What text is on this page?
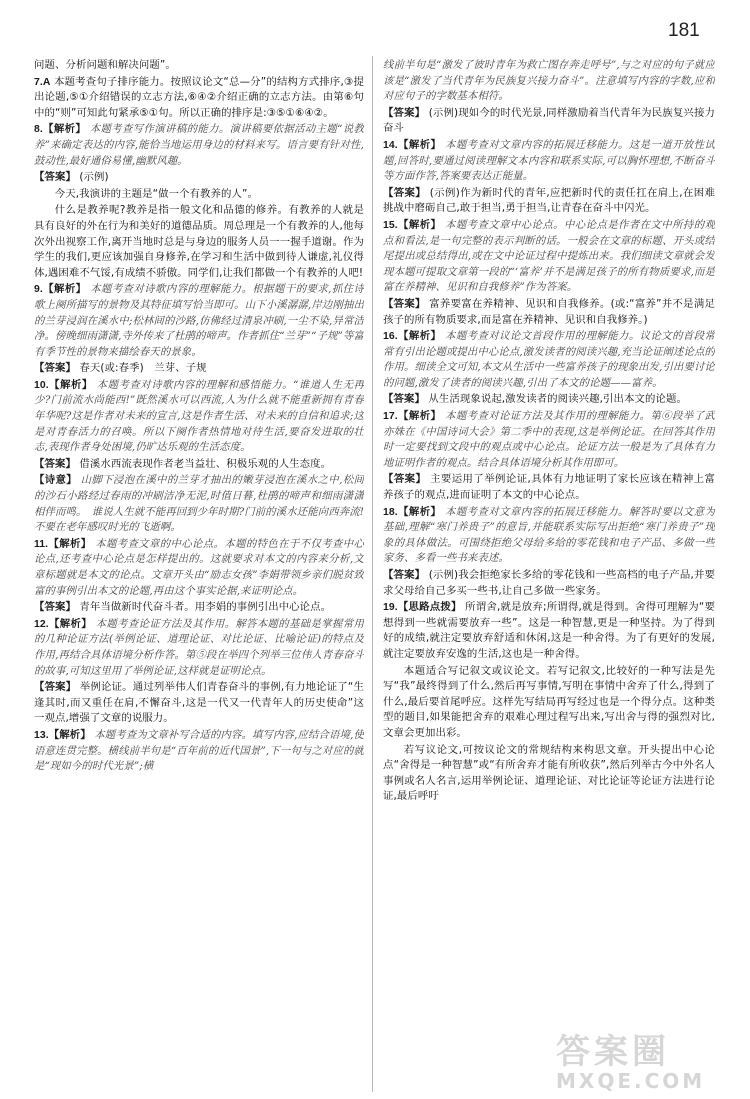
181

问题、分析问题和解决问题”。

7.A 本题考查句子排序能力。按照议论文“总—分”的结构方式排序,③提出论题,⑤①介绍错误的立志方法,⑥④②介绍正确的立志方法。由第⑥句中的“则”可知此句紧承⑤①句。所以正确的排序是:③⑤①⑥④②。

8.【解析】 本题考查写作演讲稿的能力。演讲稿要依据活动主题“说教养”来确定表达的内容,能恰当地运用身边的材料来写。语言要有针对性,鼓动性,最好通俗易懂,幽默风趣。

【答案】 (示例)

今天,我演讲的主题是“做一个有教养的人”。

什么是教养呢?教养是指一般文化和品德的修养。有教养的人就是具有良好的外在行为和美好的道德品质。周总理是一个有教养的人,他每次外出视察工作,离开当地时总是与身边的服务人员一一握手道谢。作为学生的我们,更应该加强自身修养,在学习和生活中做到待人谦虚,礼仪得体,遇困难不气馁,有成绩不骄傲。同学们,让我们都做一个有教养的人吧!

9.【解析】 本题考查对诗歌内容的理解能力。根据题干的要求,抓住诗歌上阕所描写的景物及其特征填写恰当即可。山下小溪潺潺,岸边刚抽出的兰芽浸润在溪水中;松林间的沙路,仿佛经过清泉冲刷,一尘不染,异常洁净。傍晚细雨潇潇,寺外传来了杜鹃的啼声。作者抓住“兰芽”“子规”等富有季节性的景物来描绘春天的景象。

【答案】 春天(或:春季)　兰芽、子规

10.【解析】 本题考查对诗歌内容的理解和感悟能力。“谁道人生无再少?门前流水尚能西!”既然溪水可以西流,人为什么就不能重新拥有青春年华呢?这是作者对未来的宣言,这是作者生活、对未来的自信和追求;这是对青春活力的召唤。所以下阕作者热情地对待生活,要奋发进取的壮志,表现作者身处困境,仍旷达乐观的生活态度。

【答案】 借溪水西流表现作者老当益壮、积极乐观的人生态度。

【诗意】 山脚下浸泡在溪中的兰芽才抽出的嫩芽浸泡在溪水之中,松间的沙石小路经过春雨的冲刷洁净无泥,时值日暮,杜鹃的啼声和细雨潇潇相伴而鸣。　谁说人生就不能再回到少年时期?门前的溪水还能向西奔流!不要在老年感叹时光的飞逝啊。

11.【解析】 本题考查文章的中心论点。本题的特色在于不仅考查中心论点,还考查中心论点是怎样提出的。这就要求对本文的内容来分析,文章标题就是本文的论点。文章开头由“励志女孩”李娟带领乡亲们脱贫致富的事例引出本文的论题,再由这个事实论据,来证明论点。

【答案】 青年当做新时代奋斗者。用李娟的事例引出中心论点。

12.【解析】 本题考查论证方法及其作用。解答本题的基础是掌握常用的几种论证方法(举例论证、道理论证、对比论证、比喻论证)的特点及作用,再结合具体语境分析作答。第⑤段在举四个列举三位伟人青春奋斗的故事,可知这里用了举例论证,这样就是证明论点。

【答案】 举例论证。通过列举伟人们青春奋斗的事例,有力地论证了“生逢其时,而又重任在肩,不懈奋斗,这是一代又一代青年人的历史使命”这一观点,增强了文章的说服力。

13.【解析】 本题考查为文章补写合适的内容。填写内容,应结合语境,使语意连贯完整。横线前半句是“百年前的近代国景”,下一句与之对应的就是“现如今的时代光景”;横

线前半句是“激发了彼时青年为救亡图存奔走呼号”,与之对应的句子就应该是“激发了当代青年为民族复兴接力奋斗”。注意填写内容的字数,应和对应句子的字数基本相符。

【答案】 (示例)现如今的时代光景,同样激励着当代青年为民族复兴接力奋斗

14.【解析】 本题考查对文章内容的拓展迁移能力。这是一道开放性试题,回答时,要通过阅读理解文本内容和联系实际,可以胸怀理想,不断奋斗等方面作答,答案要表达正能量。

【答案】 (示例)作为新时代的青年,应把新时代的责任扛在肩上,在困难挑战中磨砺自己,敢于担当,勇于担当,让青春在奋斗中闪光。

15.【解析】 本题考查文章中心论点。中心论点是作者在文中所持的观点和看法,是一句完整的表示判断的话。一般会在文章的标题、开头或结尾提出或总结得出,或在文中论证过程中提炼出来。我们细读文章就会发现本题可提取文章第一段的“‘富养’并不是满足孩子的所有物质要求,而是富在养精神、见识和自我修养”作为答案。

【答案】 富养要富在养精神、见识和自我修养。(或:“富养”并不是满足孩子的所有物质要求,而是富在养精神、见识和自我修养。)

16.【解析】 本题考查对议论文首段作用的理解能力。议论文的首段常常有引出论题或提出中心论点,激发读者的阅读兴趣,充当论证阐述论点的作用。细读全文可知,本文从生活中一些富养孩子的现象出发,引出要讨论的问题,激发了读者的阅读兴趣,引出了本文的论题——富养。

【答案】 从生活现象说起,激发读者的阅读兴趣,引出本文的论题。

17.【解析】 本题考查对论证方法及其作用的理解能力。第⑥段举了武亦姝在《中国诗词大会》第二季中的表现,这是举例论证。在回答其作用时一定要找到文段中的观点或中心论点。论证方法一般是为了具体有力地证明作者的观点。结合具体语境分析其作用即可。

【答案】 主要运用了举例论证,具体有力地证明了家长应该在精神上富养孩子的观点,进而证明了本文的中心论点。

18.【解析】 本题考查对文章内容的拓展迁移能力。解答时要以文意为基础,理解“寒门养贵子”的意旨,并能联系实际写出拒绝“寒门养贵子”现象的具体做法。可围绕拒绝父母给多给的零花钱和电子产品、多做一些家务、多看一些书来表述。

【答案】 (示例)我会拒绝家长多给的零花钱和一些高档的电子产品,并要求父母给自己多买一些书,让自己多做一些家务。

19.【思路点拨】 所谓舍,就是放弃;所谓得,就是得到。舍得可理解为“要想得到一些就需要放弃一些”。这是一种智慧,更是一种坚持。为了得到好的成绩,就注定要放弃舒适和休闲,这是一种舍得。为了有更好的发展,就注定要放弃安逸的生活,这也是一种舍得。

本题适合写记叙文或议论文。若写记叙文,比较好的一种写法是先写“我”最终得到了什么,然后再写事情,写明在事情中舍弃了什么,得到了什么,最后要首尾呼应。这样先写结局再写经过也是一个得分点。这种类型的题目,如果能把舍弃的艰难心理过程写出来,写出舍与得的强烈对比,文章会更加出彩。

若写议论文,可按议论文的常规结构来构思文章。开头提出中心论点“舍得是一种智慧”或“有所舍弃才能有所收获”,然后列举古今中外名人事例或名人名言,运用举例论证、道理论证、对比论证等论证方法进行论证,最后呼吁

答案圈
MXQE.COM
